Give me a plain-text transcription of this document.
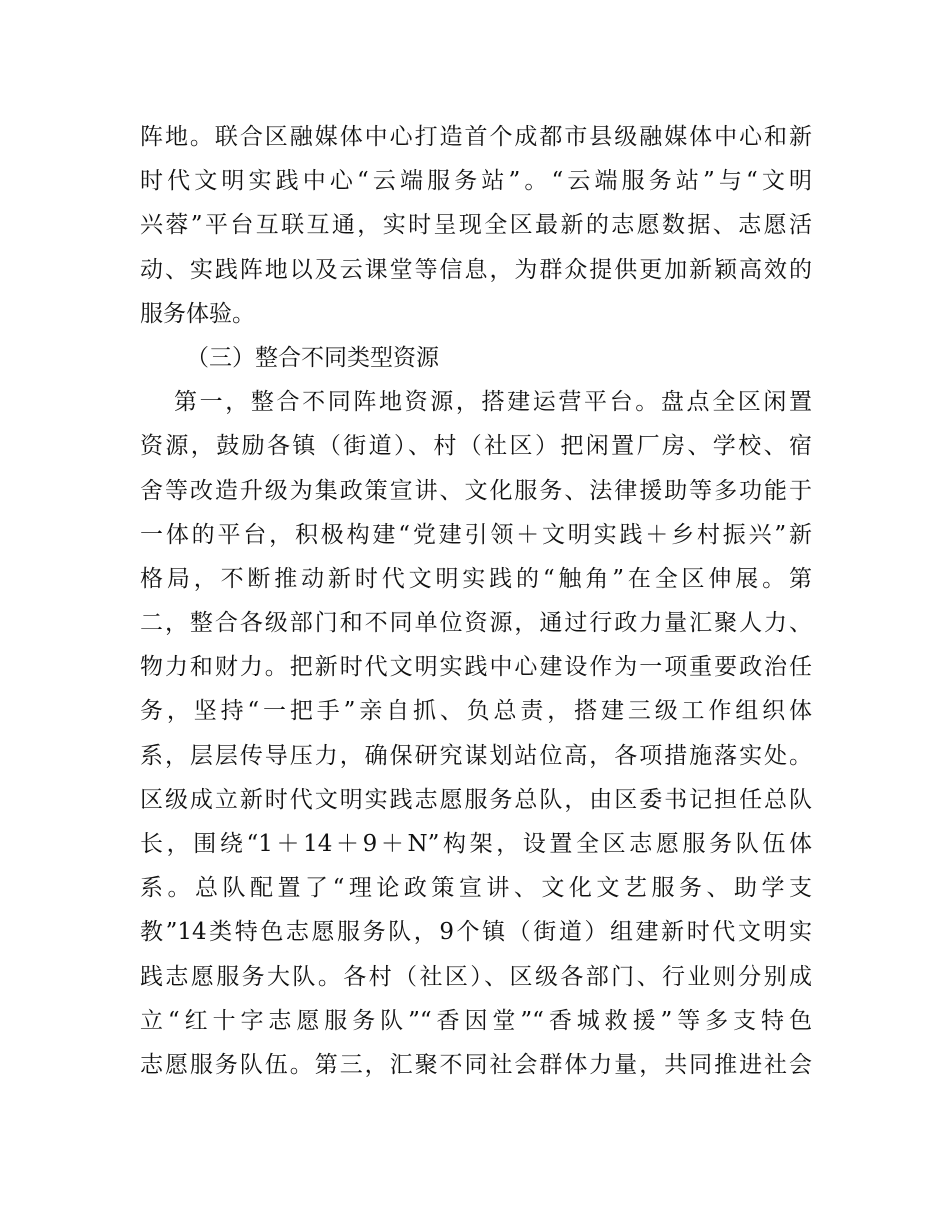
阵地。联合区融媒体中心打造首个成都市县级融媒体中心和新
时代文明实践中心“云端服务站”。“云端服务站”与“文明
兴蓉”平台互联互通，实时呈现全区最新的志愿数据、志愿活
动、实践阵地以及云课堂等信息，为群众提供更加新颖高效的
服务体验。
（三）整合不同类型资源
第一，整合不同阵地资源，搭建运营平台。盘点全区闲置
资源，鼓励各镇（街道）、村（社区）把闲置厂房、学校、宿
舍等改造升级为集政策宣讲、文化服务、法律援助等多功能于
一体的平台，积极构建“党建引领＋文明实践＋乡村振兴”新
格局，不断推动新时代文明实践的“触角”在全区伸展。第
二，整合各级部门和不同单位资源，通过行政力量汇聚人力、
物力和财力。把新时代文明实践中心建设作为一项重要政治任
务，坚持“一把手”亲自抓、负总责，搭建三级工作组织体
系，层层传导压力，确保研究谋划站位高，各项措施落实处。
区级成立新时代文明实践志愿服务总队，由区委书记担任总队
长，围绕“1＋14＋9＋N”构架，设置全区志愿服务队伍体
系。总队配置了“理论政策宣讲、文化文艺服务、助学支
教”14类特色志愿服务队，9个镇（街道）组建新时代文明实
践志愿服务大队。各村（社区）、区级各部门、行业则分别成
立“红十字志愿服务队”“香因堂”“香城救援”等多支特色
志愿服务队伍。第三，汇聚不同社会群体力量，共同推进社会
